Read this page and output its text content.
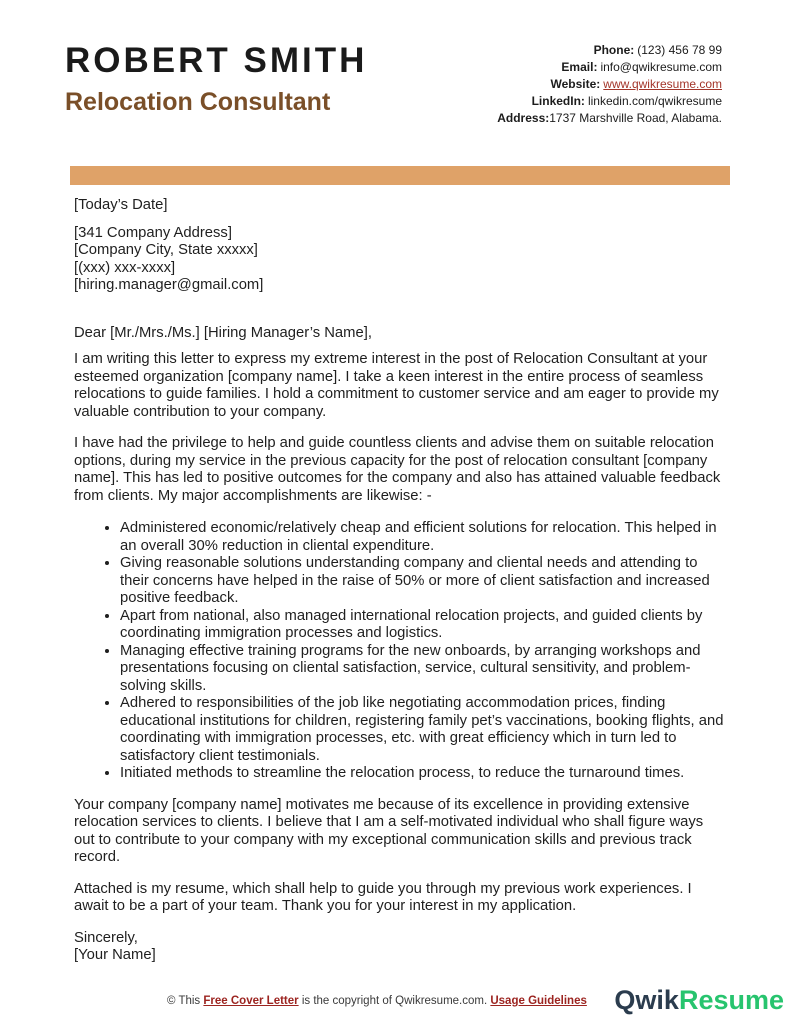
ROBERT SMITH
Relocation Consultant
Phone: (123) 456 78 99
Email: info@qwikresume.com
Website: www.qwikresume.com
LinkedIn: linkedin.com/qwikresume
Address:1737 Marshville Road, Alabama.

[Today’s Date]

[341 Company Address]

[Company City, State xxxxx]

[(xxx) xxx-xxxx]

[hiring.manager@gmail.com]

Dear [Mr./Mrs./Ms.] [Hiring Manager’s Name],

I am writing this letter to express my extreme interest in the post of Relocation Consultant at your esteemed organization [company name]. I take a keen interest in the entire process of seamless relocations to guide families. I hold a commitment to customer service and am eager to provide my valuable contribution to your company.

I have had the privilege to help and guide countless clients and advise them on suitable relocation options, during my service in the previous capacity for the post of relocation consultant [company name]. This has led to positive outcomes for the company and also has attained valuable feedback from clients. My major accomplishments are likewise: -

• Administered economic/relatively cheap and efficient solutions for relocation. This helped in an overall 30% reduction in cliental expenditure.
• Giving reasonable solutions understanding company and cliental needs and attending to their concerns have helped in the raise of 50% or more of client satisfaction and increased positive feedback.
• Apart from national, also managed international relocation projects, and guided clients by coordinating immigration processes and logistics.
• Managing effective training programs for the new onboards, by arranging workshops and presentations focusing on cliental satisfaction, service, cultural sensitivity, and problem-solving skills.
• Adhered to responsibilities of the job like negotiating accommodation prices, finding educational institutions for children, registering family pet’s vaccinations, booking flights, and coordinating with immigration processes, etc. with great efficiency which in turn led to satisfactory client testimonials.
• Initiated methods to streamline the relocation process, to reduce the turnaround times.

Your company [company name] motivates me because of its excellence in providing extensive relocation services to clients. I believe that I am a self-motivated individual who shall figure ways out to contribute to your company with my exceptional communication skills and previous track record.

Attached is my resume, which shall help to guide you through my previous work experiences. I await to be a part of your team. Thank you for your interest in my application.

Sincerely,

[Your Name]

© This Free Cover Letter is the copyright of Qwikresume.com. Usage Guidelines QwikResume
